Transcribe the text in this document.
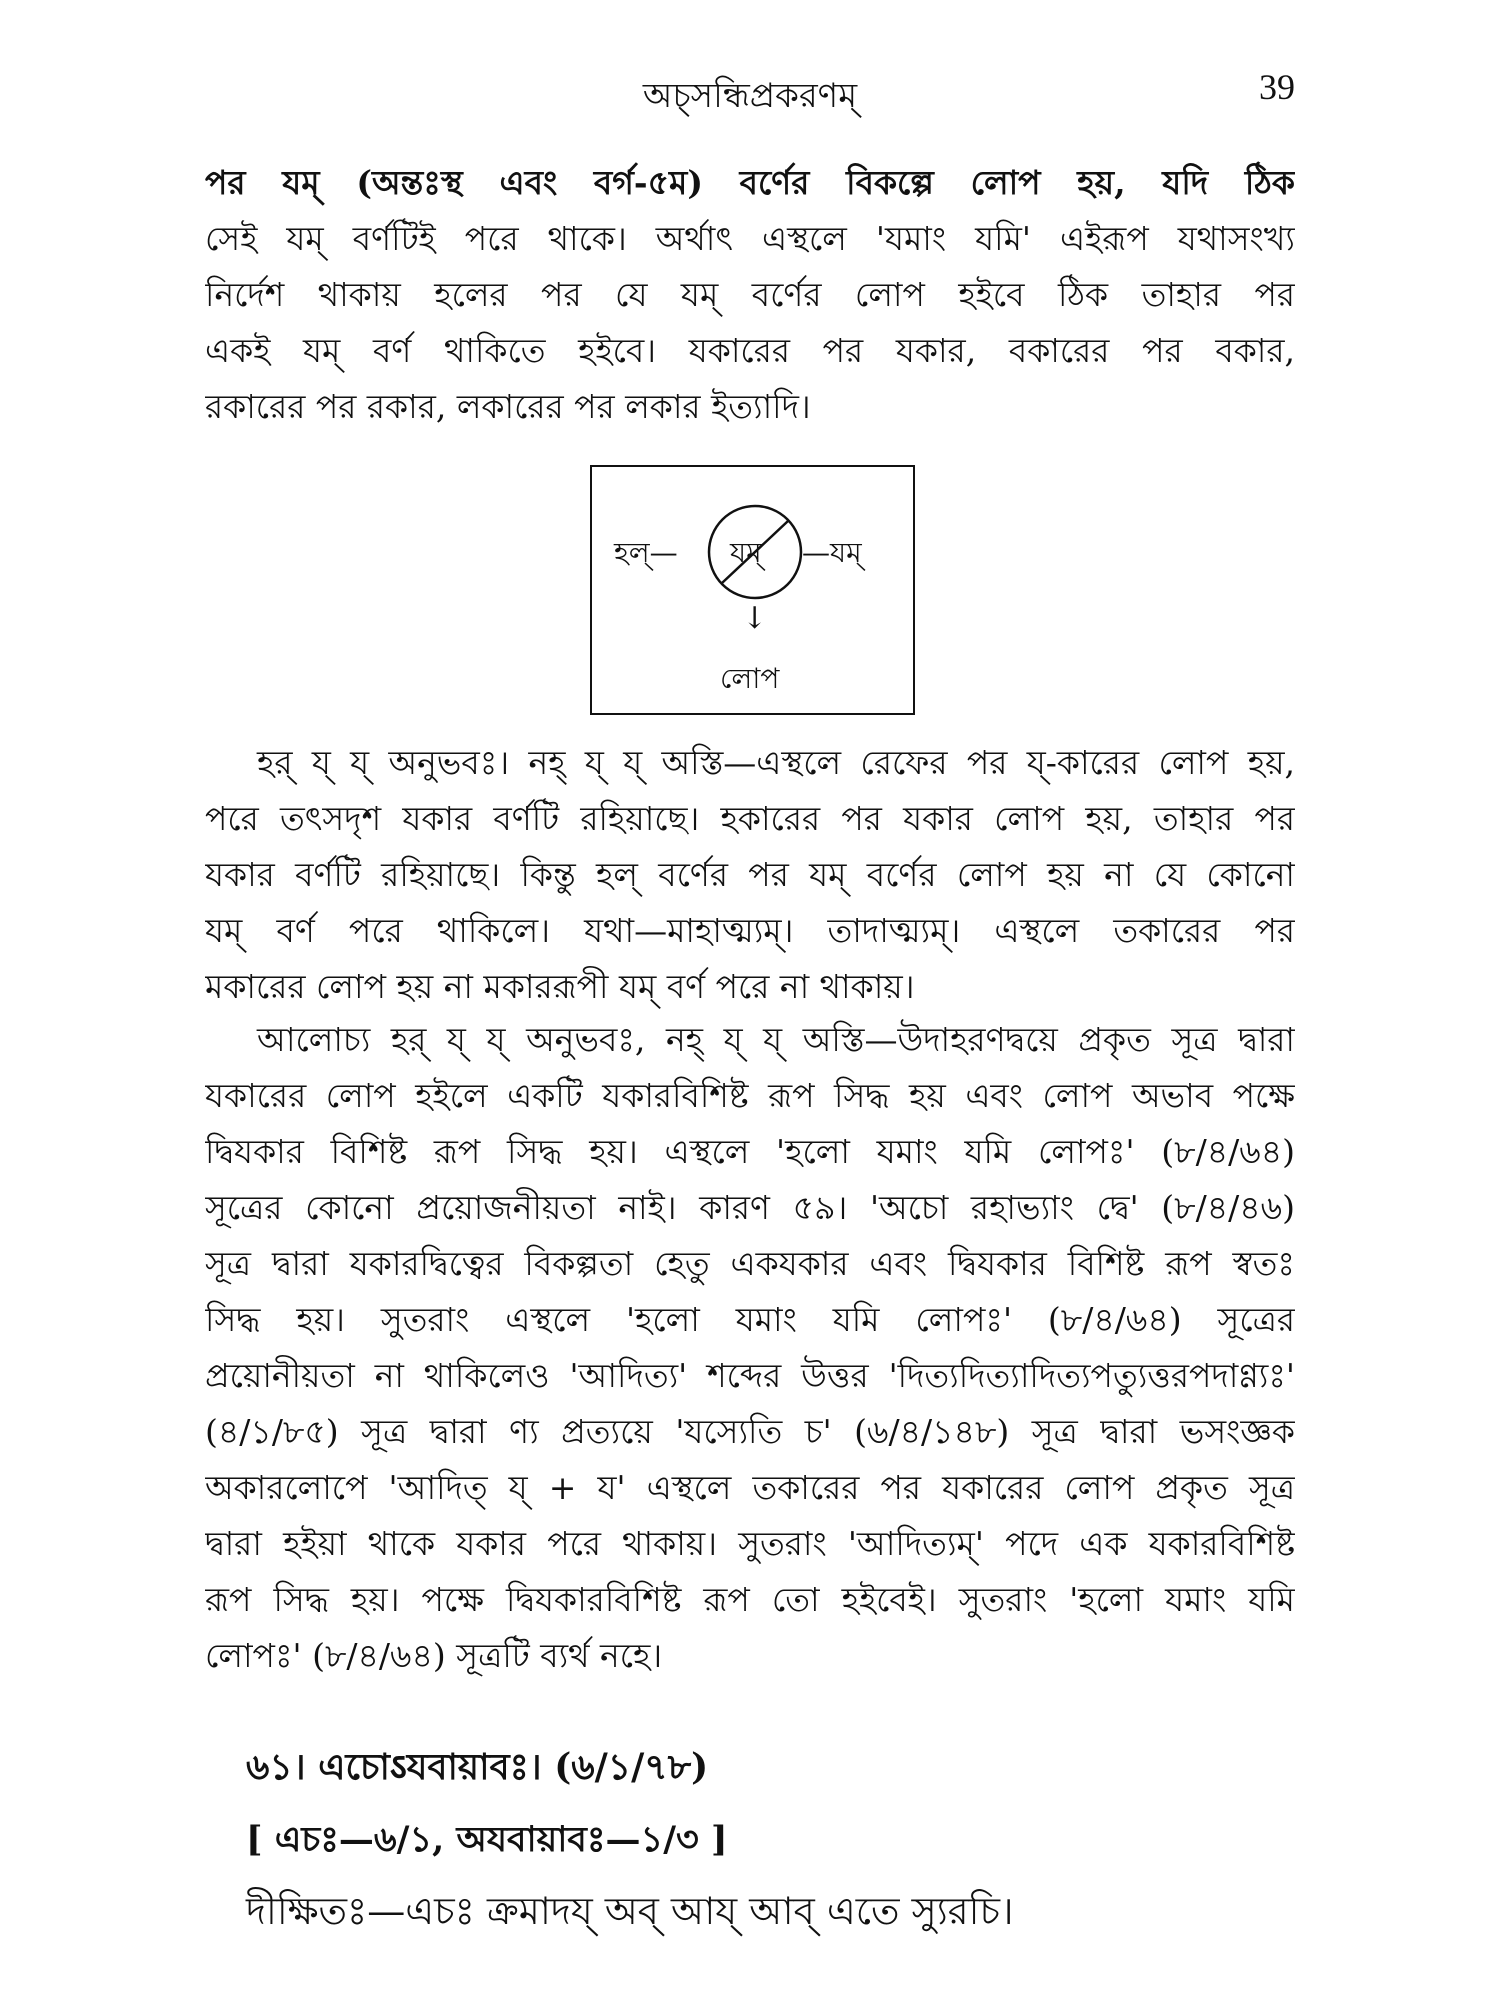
অচ্সন্ধিপ্রকরণম্	39
পর যম্ (অন্তঃস্থ এবং বর্গ-৫ম) বর্ণের বিকল্পে লোপ হয়, যদি ঠিক
সেই যম্ বর্ণটিই পরে থাকে। অর্থাৎ এস্থলে 'যমাং যমি' এইরূপ যথাসংখ্য
নির্দেশ থাকায় হলের পর যে যম্ বর্ণের লোপ হইবে ঠিক তাহার পর
একই যম্ বর্ণ থাকিতে হইবে। যকারের পর যকার, বকারের পর বকার,
রকারের পর রকার, লকারের পর লকার ইত্যাদি।
হল্— যম্ —যম্
↓
লোপ
হর্ য্ য্ অনুভবঃ। নহ্ য্ য্ অস্তি—এস্থলে রেফের পর য্-কারের লোপ হয়,
পরে তৎসদৃশ যকার বর্ণটি রহিয়াছে। হকারের পর যকার লোপ হয়, তাহার পর
যকার বর্ণটি রহিয়াছে। কিন্তু হল্ বর্ণের পর যম্ বর্ণের লোপ হয় না যে কোনো
যম্ বর্ণ পরে থাকিলে। যথা—মাহাত্ম্যম্। তাদাত্ম্যম্। এস্থলে তকারের পর
মকারের লোপ হয় না মকাররূপী যম্ বর্ণ পরে না থাকায়।
আলোচ্য হর্ য্ য্ অনুভবঃ, নহ্ য্ য্ অস্তি—উদাহরণদ্বয়ে প্রকৃত সূত্র দ্বারা
যকারের লোপ হইলে একটি যকারবিশিষ্ট রূপ সিদ্ধ হয় এবং লোপ অভাব পক্ষে
দ্বিযকার বিশিষ্ট রূপ সিদ্ধ হয়। এস্থলে 'হলো যমাং যমি লোপঃ' (৮/৪/৬৪)
সূত্রের কোনো প্রয়োজনীয়তা নাই। কারণ ৫৯। 'অচো রহাভ্যাং দ্বে' (৮/৪/৪৬)
সূত্র দ্বারা যকারদ্বিত্বের বিকল্পতা হেতু একযকার এবং দ্বিযকার বিশিষ্ট রূপ স্বতঃ
সিদ্ধ হয়। সুতরাং এস্থলে 'হলো যমাং যমি লোপঃ' (৮/৪/৬৪) সূত্রের
প্রয়োনীয়তা না থাকিলেও 'আদিত্য' শব্দের উত্তর 'দিত্যদিত্যাদিত্যপত্যুত্তরপদাণ্ণ্যঃ'
(৪/১/৮৫) সূত্র দ্বারা ণ্য প্রত্যয়ে 'যস্যেতি চ' (৬/৪/১৪৮) সূত্র দ্বারা ভসংজ্ঞক
অকারলোপে 'আদিত্ য্ + য' এস্থলে তকারের পর যকারের লোপ প্রকৃত সূত্র
দ্বারা হইয়া থাকে যকার পরে থাকায়। সুতরাং 'আদিত্যম্' পদে এক যকারবিশিষ্ট
রূপ সিদ্ধ হয়। পক্ষে দ্বিযকারবিশিষ্ট রূপ তো হইবেই। সুতরাং 'হলো যমাং যমি
লোপঃ' (৮/৪/৬৪) সূত্রটি ব্যর্থ নহে।
৬১। এচোऽযবায়াবঃ। (৬/১/৭৮)
[ এচঃ—৬/১, অযবায়াবঃ—১/৩ ]
দীক্ষিতঃ—এচঃ ক্রমাদয্ অব্ আয্ আব্ এতে স্যুরচি।
